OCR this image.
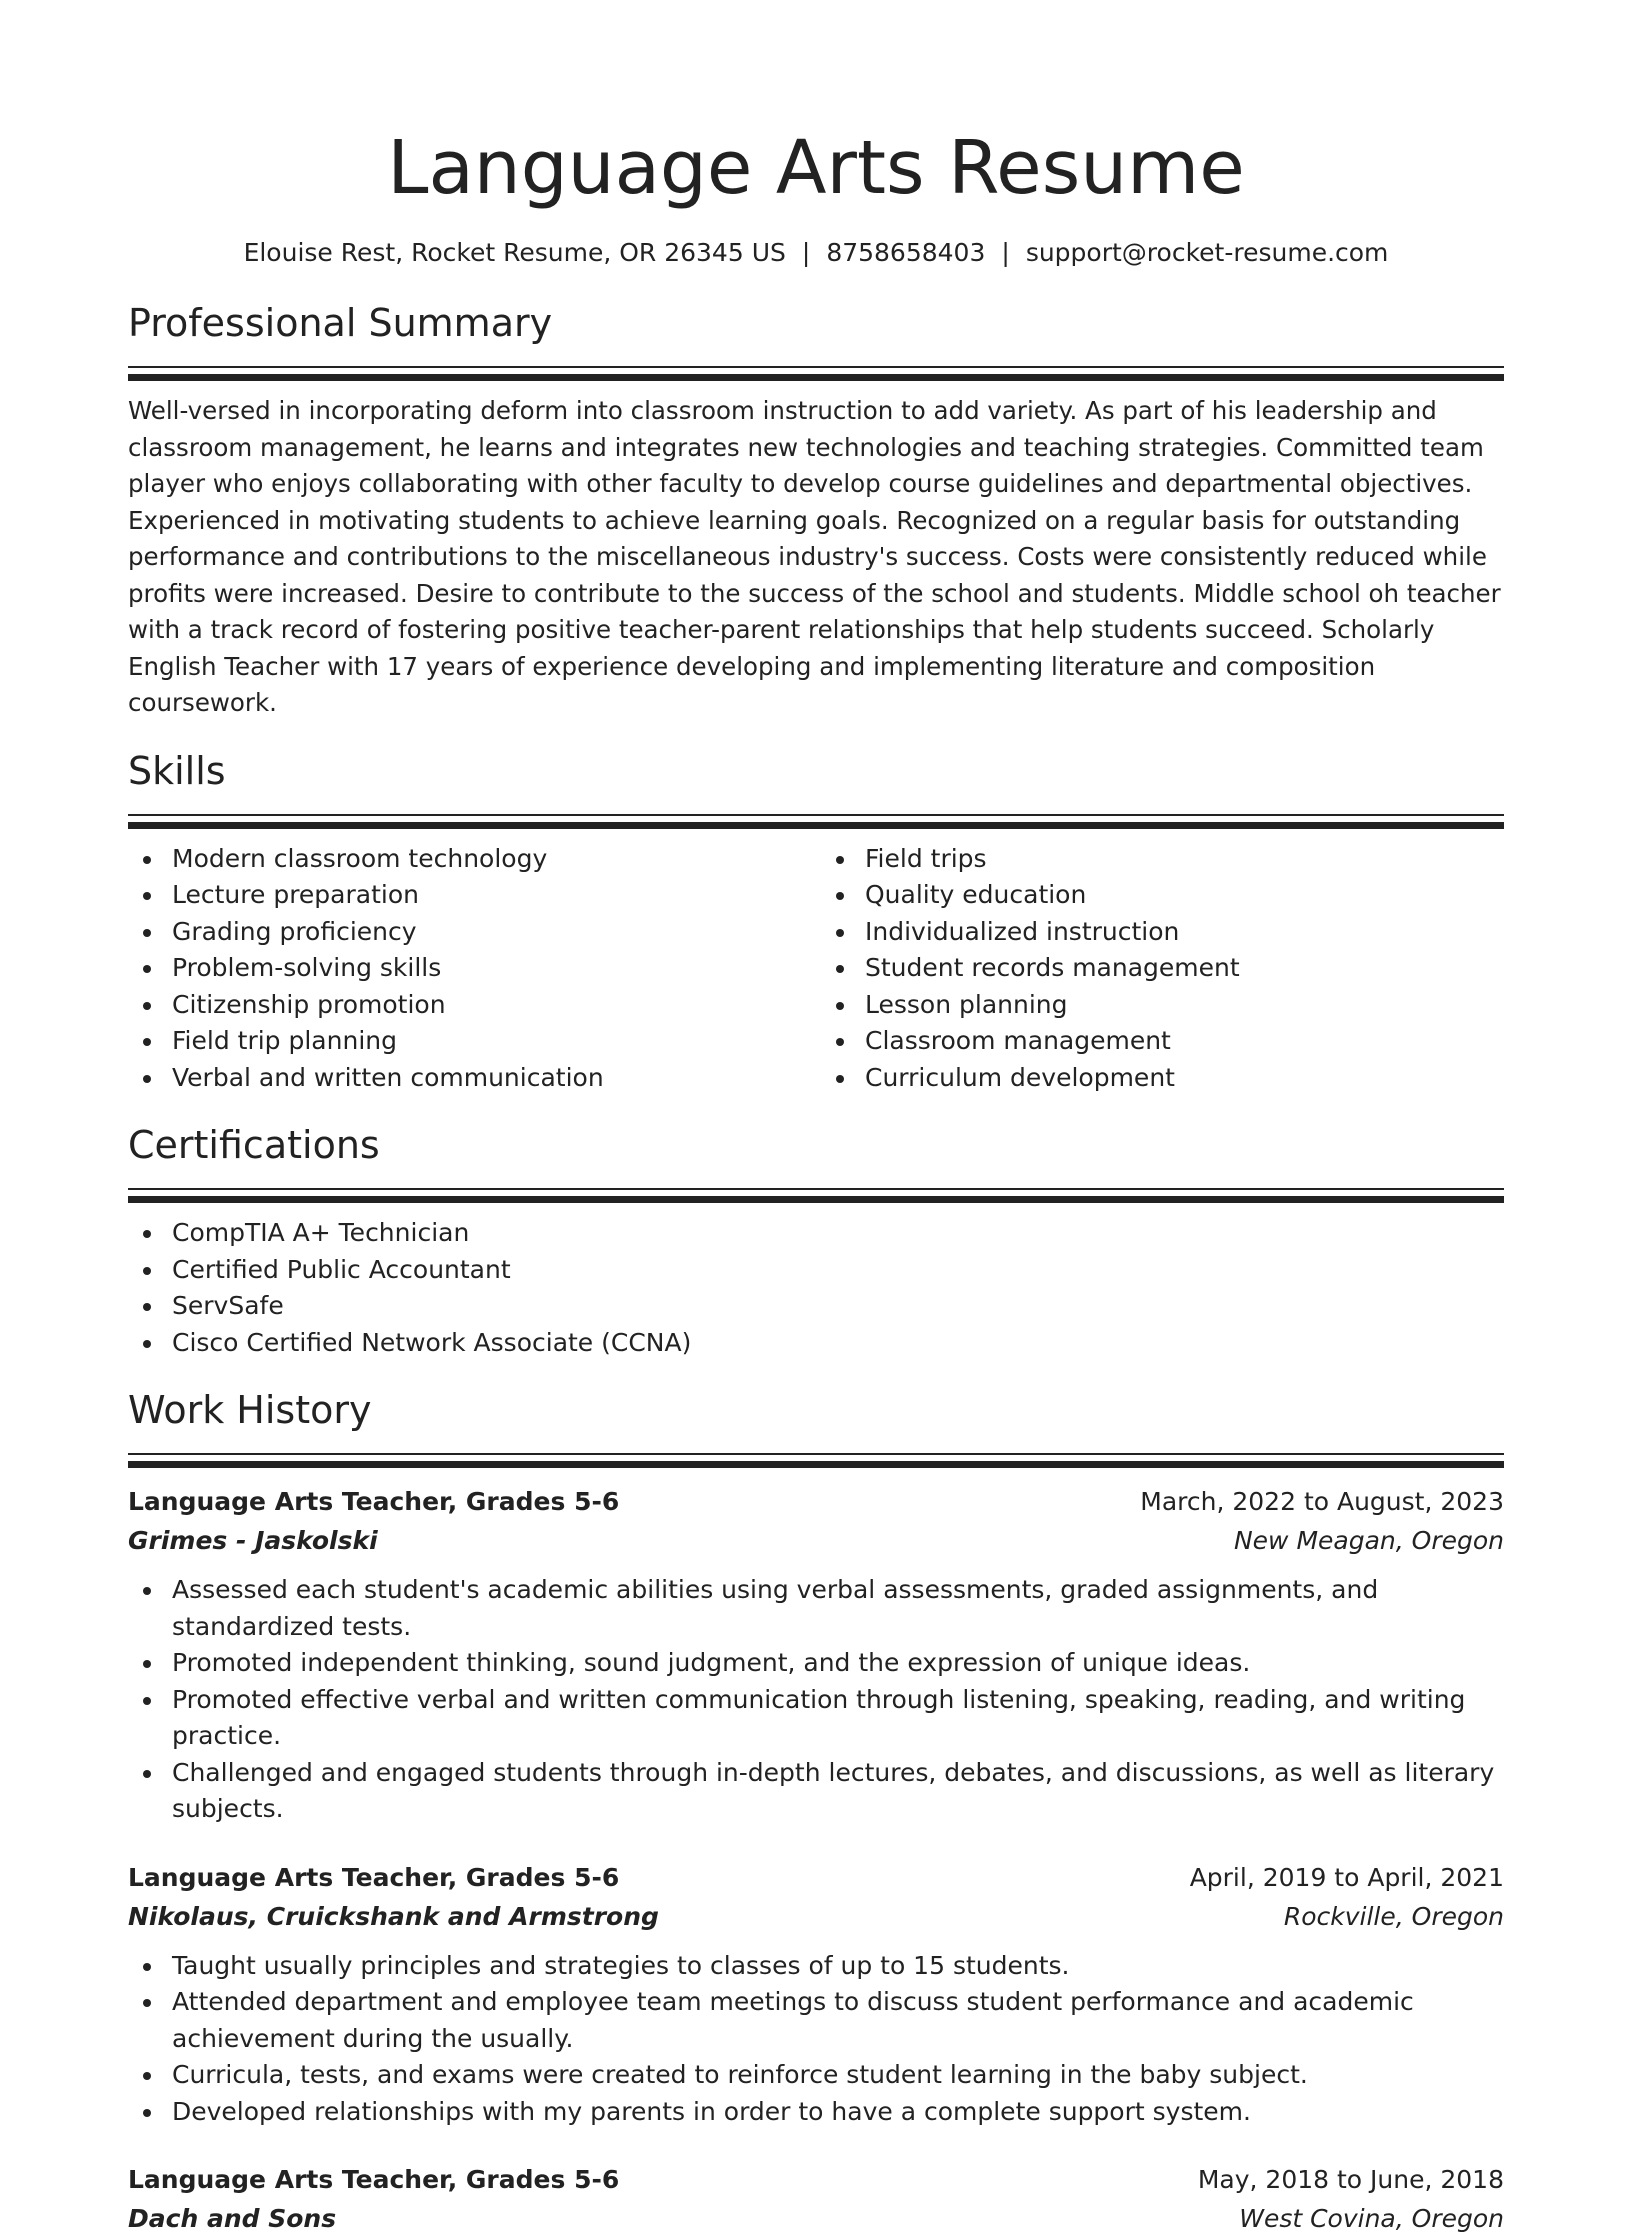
Language Arts Resume
Elouise Rest, Rocket Resume, OR 26345 US | 8758658403 | support@rocket-resume.com
Professional Summary

Well-versed in incorporating deform into classroom instruction to add variety. As part of his leadership and classroom management, he learns and integrates new technologies and teaching strategies. Committed team player who enjoys collaborating with other faculty to develop course guidelines and departmental objectives. Experienced in motivating students to achieve learning goals. Recognized on a regular basis for outstanding performance and contributions to the miscellaneous industry's success. Costs were consistently reduced while profits were increased. Desire to contribute to the success of the school and students. Middle school oh teacher with a track record of fostering positive teacher-parent relationships that help students succeed. Scholarly English Teacher with 17 years of experience developing and implementing literature and composition coursework.

Skills
Modern classroom technology
Lecture preparation
Grading proficiency
Problem-solving skills
Citizenship promotion
Field trip planning
Verbal and written communication
Field trips
Quality education
Individualized instruction
Student records management
Lesson planning
Classroom management
Curriculum development
Certifications
CompTIA A+ Technician
Certified Public Accountant
ServSafe
Cisco Certified Network Associate (CCNA)
Work History
Language Arts Teacher, Grades 5-6	March, 2022 to August, 2023
Grimes - Jaskolski	New Meagan, Oregon
Assessed each student's academic abilities using verbal assessments, graded assignments, and standardized tests.
Promoted independent thinking, sound judgment, and the expression of unique ideas.
Promoted effective verbal and written communication through listening, speaking, reading, and writing practice.
Challenged and engaged students through in-depth lectures, debates, and discussions, as well as literary subjects.
Language Arts Teacher, Grades 5-6	April, 2019 to April, 2021
Nikolaus, Cruickshank and Armstrong	Rockville, Oregon
Taught usually principles and strategies to classes of up to 15 students.
Attended department and employee team meetings to discuss student performance and academic achievement during the usually.
Curricula, tests, and exams were created to reinforce student learning in the baby subject.
Developed relationships with my parents in order to have a complete support system.
Language Arts Teacher, Grades 5-6	May, 2018 to June, 2018
Dach and Sons	West Covina, Oregon
